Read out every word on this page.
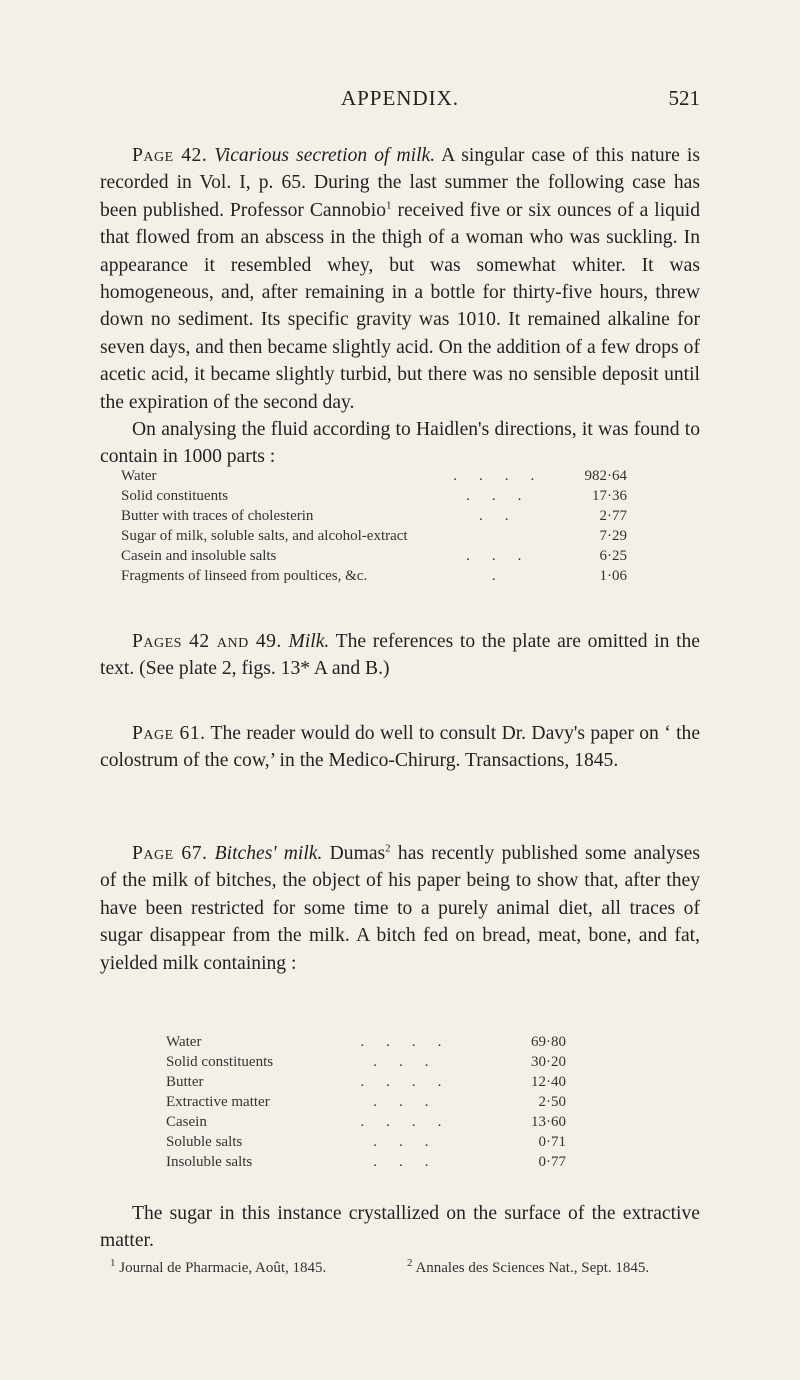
APPENDIX.	521

Page 42. Vicarious secretion of milk. A singular case of this nature is recorded in Vol. I, p. 65. During the last summer the following case has been published. Professor Cannobio$^1$ received five or six ounces of a liquid that flowed from an abscess in the thigh of a woman who was suckling. In appearance it resembled whey, but was somewhat whiter. It was homogeneous, and, after remaining in a bottle for thirty-five hours, threw down no sediment. Its specific gravity was 1010. It remained alkaline for seven days, and then became slightly acid. On the addition of a few drops of acetic acid, it became slightly turbid, but there was no sensible deposit until the expiration of the second day.

On analysing the fluid according to Haidlen's directions, it was found to contain in 1000 parts :

Water	....	982·64
Solid constituents	...	17·36
Butter with traces of cholesterin	..	2·77
Sugar of milk, soluble salts, and alcohol-extract		7·29
Casein and insoluble salts	...	6·25
Fragments of linseed from poultices, &c.	.	1·06

Pages 42 and 49. Milk. The references to the plate are omitted in the text. (See plate 2, figs. 13* A and B.)

Page 61. The reader would do well to consult Dr. Davy's paper on ‘ the colostrum of the cow,’ in the Medico-Chirurg. Transactions, 1845.

Page 67. Bitches' milk. Dumas$^2$ has recently published some analyses of the milk of bitches, the object of his paper being to show that, after they have been restricted for some time to a purely animal diet, all traces of sugar disappear from the milk. A bitch fed on bread, meat, bone, and fat, yielded milk containing :

Water	....	69·80
Solid constituents	...	30·20
Butter	....	12·40
Extractive matter	...	2·50
Casein	....	13·60
Soluble salts	...	0·71
Insoluble salts	...	0·77

The sugar in this instance crystallized on the surface of the extractive matter.

$^1$ Journal de Pharmacie, Août, 1845.	$^2$ Annales des Sciences Nat., Sept. 1845.
